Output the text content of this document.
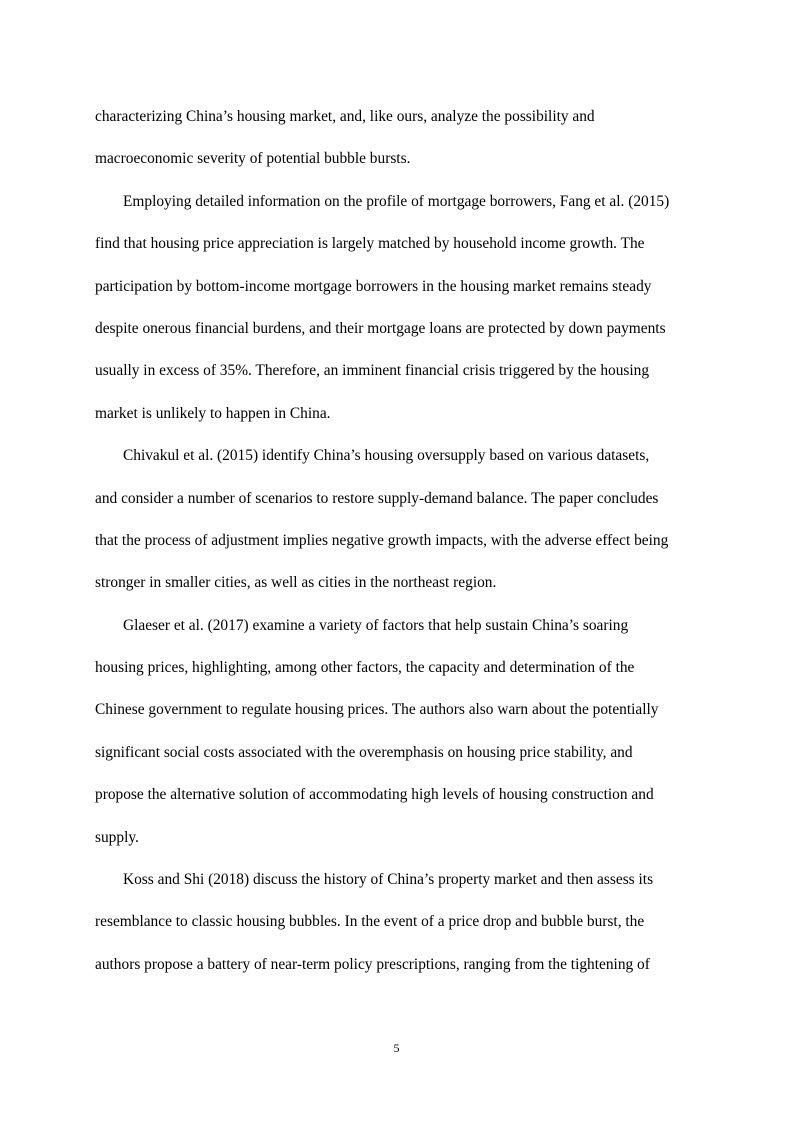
characterizing China’s housing market, and, like ours, analyze the possibility and
macroeconomic severity of potential bubble bursts.
Employing detailed information on the profile of mortgage borrowers, Fang et al. (2015)
find that housing price appreciation is largely matched by household income growth. The
participation by bottom-income mortgage borrowers in the housing market remains steady
despite onerous financial burdens, and their mortgage loans are protected by down payments
usually in excess of 35%. Therefore, an imminent financial crisis triggered by the housing
market is unlikely to happen in China.
Chivakul et al. (2015) identify China’s housing oversupply based on various datasets,
and consider a number of scenarios to restore supply-demand balance. The paper concludes
that the process of adjustment implies negative growth impacts, with the adverse effect being
stronger in smaller cities, as well as cities in the northeast region.
Glaeser et al. (2017) examine a variety of factors that help sustain China’s soaring
housing prices, highlighting, among other factors, the capacity and determination of the
Chinese government to regulate housing prices. The authors also warn about the potentially
significant social costs associated with the overemphasis on housing price stability, and
propose the alternative solution of accommodating high levels of housing construction and
supply.
Koss and Shi (2018) discuss the history of China’s property market and then assess its
resemblance to classic housing bubbles. In the event of a price drop and bubble burst, the
authors propose a battery of near-term policy prescriptions, ranging from the tightening of
5
